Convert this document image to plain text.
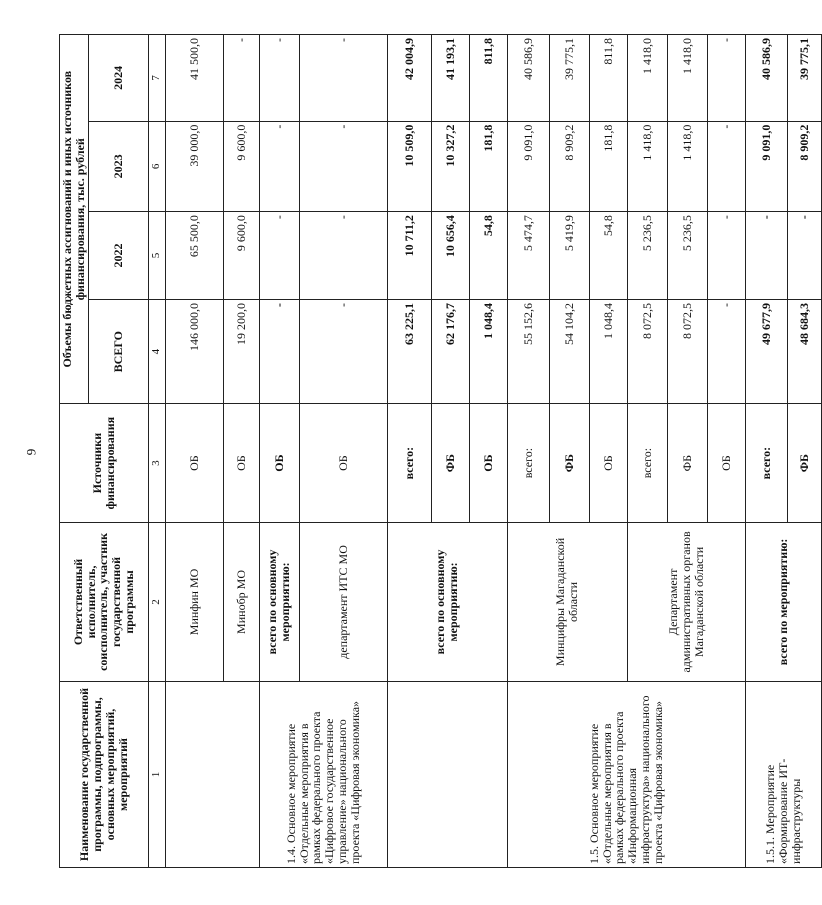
9
Наименование государственной программы, подпрограммы, основных мероприятий, мероприятий	Ответственный исполнитель, соисполнитель, участник государственной программы	Источники финансирования	Объемы бюджетных ассигнований и иных источников финансирования, тыс. рублей			
			ВСЕГО	2022	2023	2024
1	2	3	4	5	6	7
	Минфин МО	ОБ	146 000,0	65 500,0	39 000,0	41 500,0
	Минобр МО	ОБ	19 200,0	9 600,0	9 600,0	-
1.4. Основное мероприятие «Отдельные мероприятия в рамках федерального проекта «Цифровое государственное управление» национального проекта «Цифровая экономика»	всего по основному мероприятию:	ОБ	-	-	-	-
	департамент ИТС МО	ОБ	-	-	-	-
	всего по основному мероприятию:	всего:	63 225,1	10 711,2	10 509,0	42 004,9
		ФБ	62 176,7	10 656,4	10 327,2	41 193,1
		ОБ	1 048,4	54,8	181,8	811,8
1.5. Основное мероприятие «Отдельные мероприятия в рамках федерального проекта «Информационная инфраструктура» национального проекта «Цифровая экономика»	Минцифры Магаданской области	всего:	55 152,6	5 474,7	9 091,0	40 586,9
		ФБ	54 104,2	5 419,9	8 909,2	39 775,1
		ОБ	1 048,4	54,8	181,8	811,8
	Департамент административных органов Магаданской области	всего:	8 072,5	5 236,5	1 418,0	1 418,0
		ФБ	8 072,5	5 236,5	1 418,0	1 418,0
		ОБ	-	-	-	-
1.5.1. Мероприятие «Формирование ИТ-инфраструктуры	всего по мероприятию:	всего:	49 677,9	-	9 091,0	40 586,9
		ФБ	48 684,3	-	8 909,2	39 775,1
